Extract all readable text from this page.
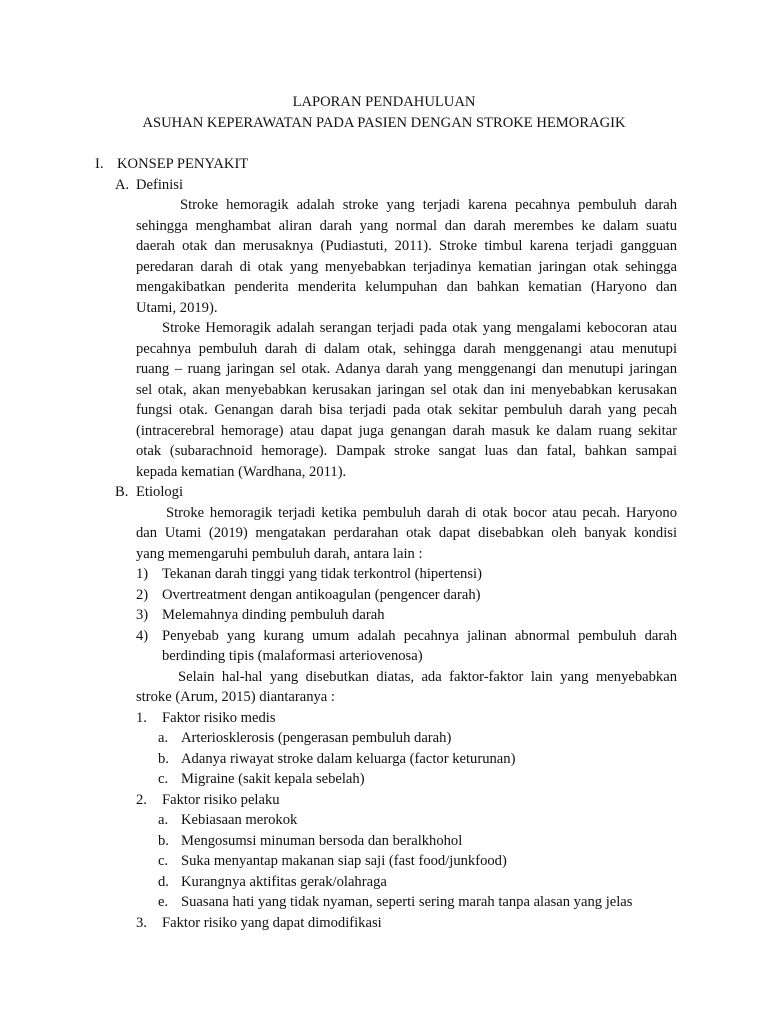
LAPORAN PENDAHULUAN
ASUHAN KEPERAWATAN PADA PASIEN DENGAN STROKE HEMORAGIK
I. KONSEP PENYAKIT
A. Definisi
Stroke hemoragik adalah stroke yang terjadi karena pecahnya pembuluh darah
sehingga menghambat aliran darah yang normal dan darah merembes ke dalam suatu
daerah otak dan merusaknya (Pudiastuti, 2011). Stroke timbul karena terjadi gangguan
peredaran darah di otak yang menyebabkan terjadinya kematian jaringan otak sehingga
mengakibatkan penderita menderita kelumpuhan dan bahkan kematian (Haryono dan
Utami, 2019).
Stroke Hemoragik adalah serangan terjadi pada otak yang mengalami kebocoran atau
pecahnya pembuluh darah di dalam otak, sehingga darah menggenangi atau menutupi
ruang – ruang jaringan sel otak. Adanya darah yang menggenangi dan menutupi jaringan
sel otak, akan menyebabkan kerusakan jaringan sel otak dan ini menyebabkan kerusakan
fungsi otak. Genangan darah bisa terjadi pada otak sekitar pembuluh darah yang pecah
(intracerebral hemorage) atau dapat juga genangan darah masuk ke dalam ruang sekitar
otak (subarachnoid hemorage). Dampak stroke sangat luas dan fatal, bahkan sampai
kepada kematian (Wardhana, 2011).
B. Etiologi
Stroke hemoragik terjadi ketika pembuluh darah di otak bocor atau pecah. Haryono
dan Utami (2019) mengatakan perdarahan otak dapat disebabkan oleh banyak kondisi
yang memengaruhi pembuluh darah, antara lain :
1) Tekanan darah tinggi yang tidak terkontrol (hipertensi)
2) Overtreatment dengan antikoagulan (pengencer darah)
3) Melemahnya dinding pembuluh darah
4) Penyebab yang kurang umum adalah pecahnya jalinan abnormal pembuluh darah
berdinding tipis (malaformasi arteriovenosa)
Selain hal-hal yang disebutkan diatas, ada faktor-faktor lain yang menyebabkan
stroke (Arum, 2015) diantaranya :
1. Faktor risiko medis
a. Arteriosklerosis (pengerasan pembuluh darah)
b. Adanya riwayat stroke dalam keluarga (factor keturunan)
c. Migraine (sakit kepala sebelah)
2. Faktor risiko pelaku
a. Kebiasaan merokok
b. Mengosumsi minuman bersoda dan beralkhohol
c. Suka menyantap makanan siap saji (fast food/junkfood)
d. Kurangnya aktifitas gerak/olahraga
e. Suasana hati yang tidak nyaman, seperti sering marah tanpa alasan yang jelas
3. Faktor risiko yang dapat dimodifikasi
